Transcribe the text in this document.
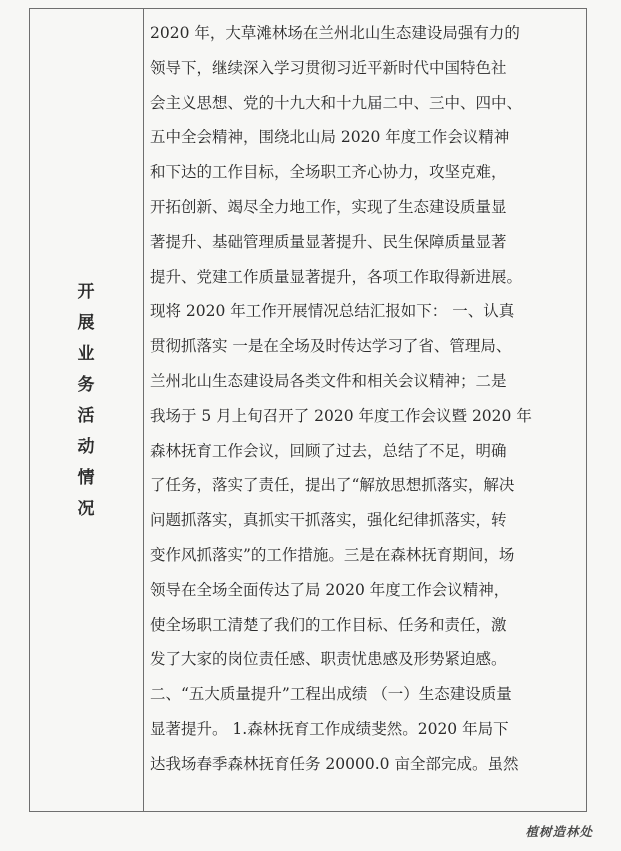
开
展
业
务
活
动
情
况
2020 年，大草滩林场在兰州北山生态建设局强有力的
领导下，继续深入学习贯彻习近平新时代中国特色社
会主义思想、党的十九大和十九届二中、三中、四中、
五中全会精神，围绕北山局 2020 年度工作会议精神
和下达的工作目标，全场职工齐心协力，攻坚克难，
开拓创新、竭尽全力地工作，实现了生态建设质量显
著提升、基础管理质量显著提升、民生保障质量显著
提升、党建工作质量显著提升，各项工作取得新进展。
现将 2020 年工作开展情况总结汇报如下： 一、认真
贯彻抓落实 一是在全场及时传达学习了省、管理局、
兰州北山生态建设局各类文件和相关会议精神；二是
我场于 5 月上旬召开了 2020 年度工作会议暨 2020 年
森林抚育工作会议，回顾了过去，总结了不足，明确
了任务，落实了责任，提出了“解放思想抓落实，解决
问题抓落实，真抓实干抓落实，强化纪律抓落实，转
变作风抓落实”的工作措施。三是在森林抚育期间，场
领导在全场全面传达了局 2020 年度工作会议精神，
使全场职工清楚了我们的工作目标、任务和责任，激
发了大家的岗位责任感、职责忧患感及形势紧迫感。
二、“五大质量提升”工程出成绩 （一）生态建设质量
显著提升。 1.森林抚育工作成绩斐然。2020 年局下
达我场春季森林抚育任务 20000.0 亩全部完成。虽然
植树造林处
